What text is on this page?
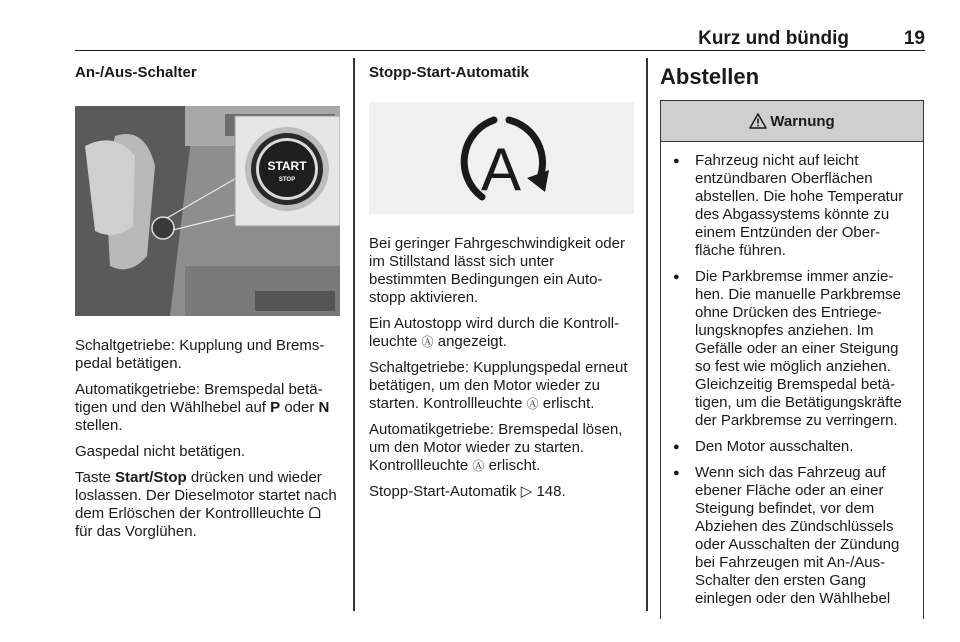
Kurz und bündig	19
An-/Aus-Schalter
START
STOP

Schaltgetriebe: Kupplung und Bremspedal betätigen.

Automatikgetriebe: Bremspedal betätigen und den Wählhebel auf P oder N stellen.

Gaspedal nicht betätigen.

Taste Start/Stop drücken und wieder loslassen. Der Dieselmotor startet nach dem Erlöschen der Kontrollleuchte ᗝ für das Vorglühen.

Stopp-Start-Automatik
A

Bei geringer Fahrgeschwindigkeit oder im Stillstand lässt sich unter bestimmten Bedingungen ein Autostopp aktivieren.

Ein Autostopp wird durch die Kontrollleuchte Ⓐ angezeigt.

Schaltgetriebe: Kupplungspedal erneut betätigen, um den Motor wieder zu starten. Kontrollleuchte Ⓐ erlischt.

Automatikgetriebe: Bremspedal lösen, um den Motor wieder zu starten. Kontrollleuchte Ⓐ erlischt.

Stopp-Start-Automatik ▷ 148.

Abstellen
Warnung
● Fahrzeug nicht auf leicht entzündbaren Oberflächen abstellen. Die hohe Temperatur des Abgassystems könnte zu einem Entzünden der Oberfläche führen.
● Die Parkbremse immer anziehen. Die manuelle Parkbremse ohne Drücken des Entriegelungsknopfes anziehen. Im Gefälle oder an einer Steigung so fest wie möglich anziehen. Gleichzeitig Bremspedal betätigen, um die Betätigungskräfte der Parkbremse zu verringern.
● Den Motor ausschalten.
● Wenn sich das Fahrzeug auf ebener Fläche oder an einer Steigung befindet, vor dem Abziehen des Zündschlüssels oder Ausschalten der Zündung bei Fahrzeugen mit An-/Aus-Schalter den ersten Gang einlegen oder den Wählhebel
